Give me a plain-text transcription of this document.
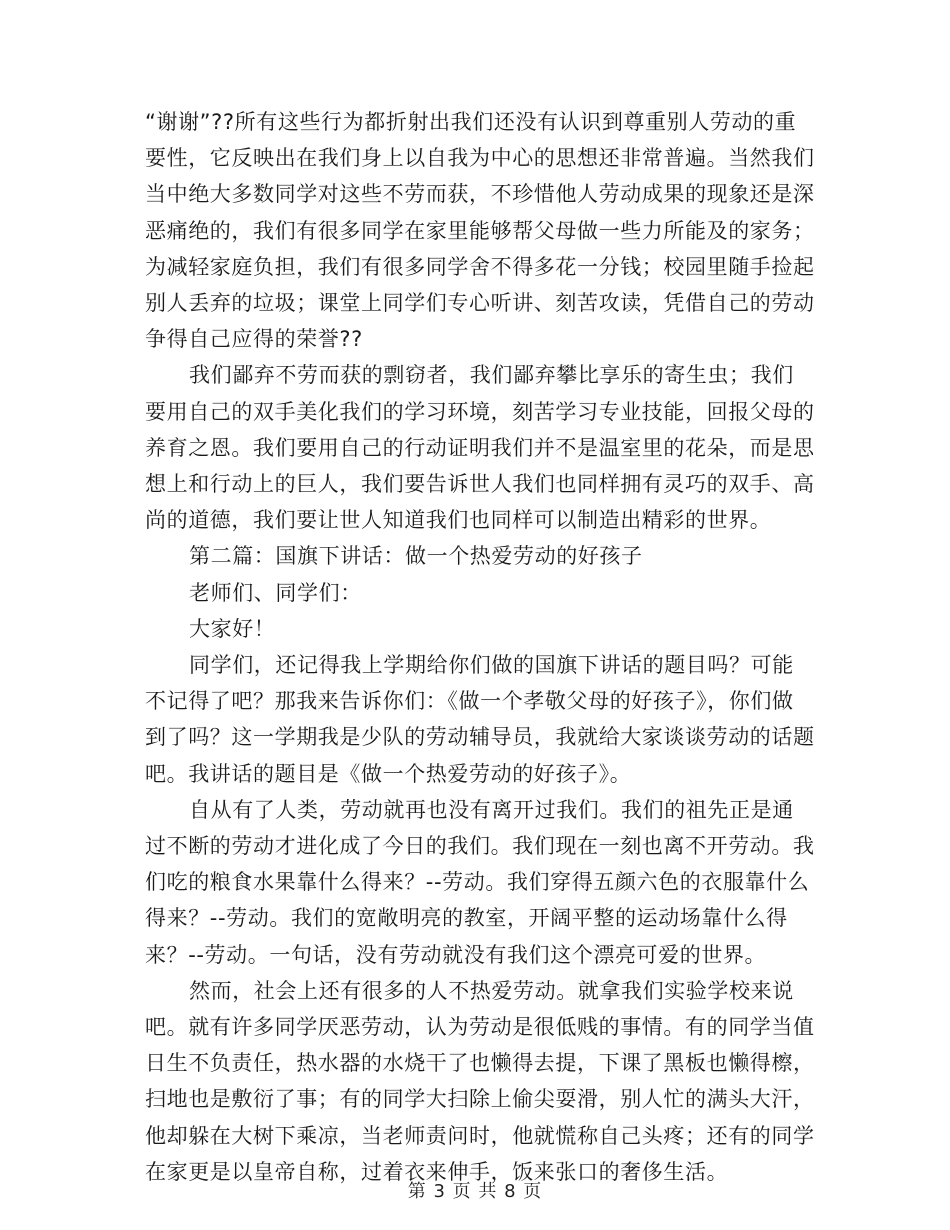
“谢谢”??所有这些行为都折射出我们还没有认识到尊重别人劳动的重要性，它反映出在我们身上以自我为中心的思想还非常普遍。当然我们当中绝大多数同学对这些不劳而获，不珍惜他人劳动成果的现象还是深恶痛绝的，我们有很多同学在家里能够帮父母做一些力所能及的家务；为减轻家庭负担，我们有很多同学舍不得多花一分钱；校园里随手捡起别人丢弃的垃圾；课堂上同学们专心听讲、刻苦攻读，凭借自己的劳动争得自己应得的荣誉??

我们鄙弃不劳而获的剽窃者，我们鄙弃攀比享乐的寄生虫；我们要用自己的双手美化我们的学习环境，刻苦学习专业技能，回报父母的养育之恩。我们要用自己的行动证明我们并不是温室里的花朵，而是思想上和行动上的巨人，我们要告诉世人我们也同样拥有灵巧的双手、高尚的道德，我们要让世人知道我们也同样可以制造出精彩的世界。

第二篇：国旗下讲话：做一个热爱劳动的好孩子

老师们、同学们：

大家好！

同学们，还记得我上学期给你们做的国旗下讲话的题目吗？可能不记得了吧？那我来告诉你们：《做一个孝敬父母的好孩子》，你们做到了吗？这一学期我是少队的劳动辅导员，我就给大家谈谈劳动的话题吧。我讲话的题目是《做一个热爱劳动的好孩子》。

自从有了人类，劳动就再也没有离开过我们。我们的祖先正是通过不断的劳动才进化成了今日的我们。我们现在一刻也离不开劳动。我们吃的粮食水果靠什么得来？--劳动。我们穿得五颜六色的衣服靠什么得来？--劳动。我们的宽敞明亮的教室，开阔平整的运动场靠什么得来？--劳动。一句话，没有劳动就没有我们这个漂亮可爱的世界。

然而，社会上还有很多的人不热爱劳动。就拿我们实验学校来说吧。就有许多同学厌恶劳动，认为劳动是很低贱的事情。有的同学当值日生不负责任，热水器的水烧干了也懒得去提，下课了黑板也懒得檫，扫地也是敷衍了事；有的同学大扫除上偷尖耍滑，别人忙的满头大汗，他却躲在大树下乘凉，当老师责问时，他就慌称自己头疼；还有的同学在家更是以皇帝自称，过着衣来伸手，饭来张口的奢侈生活。

第 3 页 共 8 页
